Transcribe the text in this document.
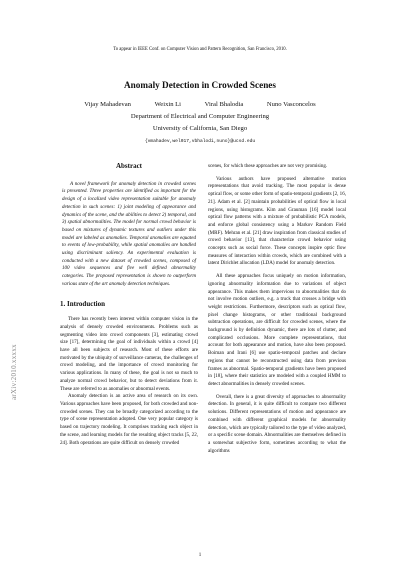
To appear in IEEE Conf. on Computer Vision and Pattern Recognition, San Francisco, 2010.
Anomaly Detection in Crowded Scenes
Vijay Mahadevan	Weixin Li	Viral Bhalodia	Nuno Vasconcelos
Department of Electrical and Computer Engineering
University of California, San Diego
{vmahadev,wel017,vbhalodi,nuno}@ucsd.edu
arXiv:2010.xxxxx
Abstract

A novel framework for anomaly detection in crowded scenes is presented. Three properties are identified as important for the design of a localized video representation suitable for anomaly detection in such scenes: 1) joint modeling of appearance and dynamics of the scene, and the abilities to detect 2) temporal, and 3) spatial abnormalities. The model for normal crowd behavior is based on mixtures of dynamic textures and outliers under this model are labeled as anomalies. Temporal anomalies are equated to events of low-probability, while spatial anomalies are handled using discriminant saliency. An experimental evaluation is conducted with a new dataset of crowded scenes, composed of 100 video sequences and five well defined abnormality categories. The proposed representation is shown to outperform various state of the art anomaly detection techniques.

1. Introduction

There has recently been interest within computer vision in the analysis of densely crowded environments. Problems such as segmenting video into crowd components [3], estimating crowd size [17], determining the goal of individuals within a crowd [4] have all been subjects of research. Most of these efforts are motivated by the ubiquity of surveillance cameras, the challenges of crowd modeling, and the importance of crowd monitoring for various applications. In many of these, the goal is not so much to analyze normal crowd behavior, but to detect deviations from it. These are referred to as anomalies or abnormal events.

Anomaly detection is an active area of research on its own. Various approaches have been proposed, for both crowded and non-crowded scenes. They can be broadly categorized according to the type of scene representation adopted. One very popular category is based on trajectory modeling. It comprises tracking each object in the scene, and learning models for the resulting object tracks [5, 22, 24]. Both operations are quite difficult on densely crowded

scenes, for which these approaches are not very promising.

Various authors have proposed alternative motion representations that avoid tracking. The most popular is dense optical flow, or some other form of spatio-temporal gradients [2, 16, 21]. Adam et al. [2] maintain probabilities of optical flow in local regions, using histograms. Kim and Grauman [16] model local optical flow patterns with a mixture of probabilistic PCA models, and enforce global consistency using a Markov Random Field (MRF). Mehran et al. [21] draw inspiration from classical studies of crowd behavior [13], that characterize crowd behavior using concepts such as social force. These concepts inspire optic flow measures of interaction within crowds, which are combined with a latent Dirichlet allocation (LDA) model for anomaly detection.

All these approaches focus uniquely on motion information, ignoring abnormality information due to variations of object appearance. This makes them impervious to abnormalities that do not involve motion outliers, e.g. a truck that crosses a bridge with weight restrictions. Furthermore, descriptors such as optical flow, pixel change histograms, or other traditional background subtraction operations, are difficult for crowded scenes, where the background is by definition dynamic, there are lots of clutter, and complicated occlusions. More complete representations, that account for both appearance and motion, have also been proposed. Boiman and Irani [6] use spatio-temporal patches and declare regions that cannot be reconstructed using data from previous frames as abnormal. Spatio-temporal gradients have been proposed in [18], where their statistics are modeled with a coupled HMM to detect abnormalities in densely crowded scenes.

Overall, there is a great diversity of approaches to abnormality detection. In general, it is quite difficult to compare two different solutions. Different representations of motion and appearance are combined with different graphical models for abnormality detection, which are typically tailored to the type of video analyzed, or a specific scene domain. Abnormalities are themselves defined in a somewhat subjective form, sometimes according to what the algorithms

1
